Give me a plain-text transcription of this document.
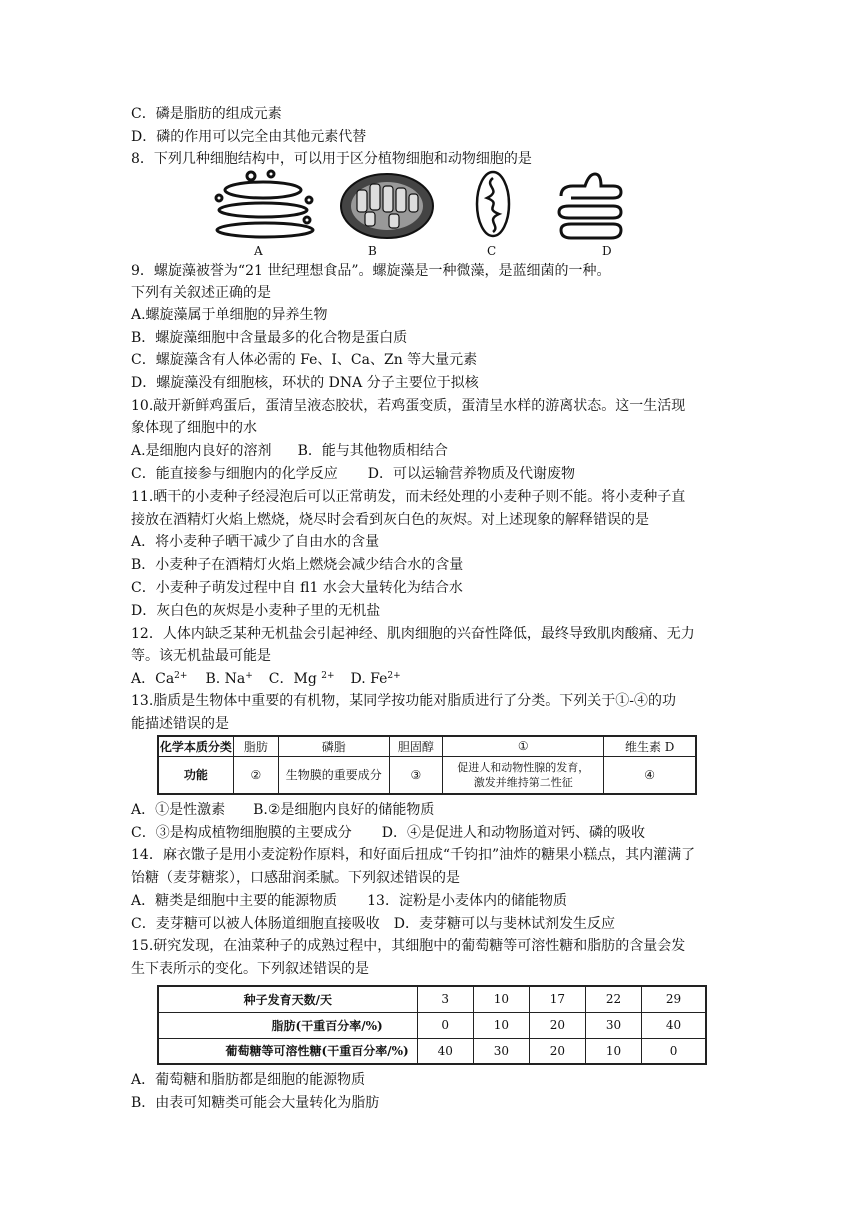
C．磷是脂肪的组成元素
D．磷的作用可以完全由其他元素代替
8．下列几种细胞结构中，可以用于区分植物细胞和动物细胞的是
A	B	C	D
9．螺旋藻被誉为“21 世纪理想食品”。螺旋藻是一种微藻，是蓝细菌的一种。
下列有关叙述正确的是
A.螺旋藻属于单细胞的异养生物
B．螺旋藻细胞中含量最多的化合物是蛋白质
C．螺旋藻含有人体必需的 Fe、I、Ca、Zn 等大量元素
D．螺旋藻没有细胞核，环状的 DNA 分子主要位于拟核
10.敲开新鲜鸡蛋后，蛋清呈液态胶状，若鸡蛋变质，蛋清呈水样的游离状态。这一生活现
象体现了细胞中的水
A.是细胞内良好的溶剂 B．能与其他物质相结合
C．能直接参与细胞内的化学反应 D．可以运输营养物质及代谢废物
11.晒干的小麦种子经浸泡后可以正常萌发，而未经处理的小麦种子则不能。将小麦种子直
接放在酒精灯火焰上燃烧，烧尽时会看到灰白色的灰烬。对上述现象的解释错误的是
A．将小麦种子晒干减少了自由水的含量
B．小麦种子在酒精灯火焰上燃烧会减少结合水的含量
C．小麦种子萌发过程中自 fl1 水会大量转化为结合水
D．灰白色的灰烬是小麦种子里的无机盐
12．人体内缺乏某种无机盐会引起神经、肌肉细胞的兴奋性降低，最终导致肌肉酸痛、无力
等。该无机盐最可能是
A．$Ca^{2+}$ B. Na+ C．Mg $^{2+}$ D. $Fe^{2+}$
13.脂质是生物体中重要的有机物，某同学按功能对脂质进行了分类。下列关于①-④的功
能描述错误的是
化学本质分类	脂肪	磷脂	胆固醇	①	维生素 D
功能	②	生物膜的重要成分	③	促进人和动物性腺的发育，
激发并维持第二性征	④
A．①是性激素 B.②是细胞内良好的储能物质
C．③是构成植物细胞膜的主要成分 D．④是促进人和动物肠道对钙、磷的吸收
14．麻衣馓子是用小麦淀粉作原料，和好面后扭成“千钧扣”油炸的糖果小糕点，其内灌满了
饴糖（麦芽糖浆），口感甜润柔腻。下列叙述错误的是
A．糖类是细胞中主要的能源物质 13．淀粉是小麦体内的储能物质
C．麦芽糖可以被人体肠道细胞直接吸收 D．麦芽糖可以与斐林试剂发生反应
15.研究发现，在油菜种子的成熟过程中，其细胞中的葡萄糖等可溶性糖和脂肪的含量会发
生下表所示的变化。下列叙述错误的是
种子发育天数/天	3	10	17	22	29
脂肪(干重百分率/%)	0	10	20	30	40
葡萄糖等可溶性糖(干重百分率/%)	40	30	20	10	0
A．葡萄糖和脂肪都是细胞的能源物质
B．由表可知糖类可能会大量转化为脂肪
